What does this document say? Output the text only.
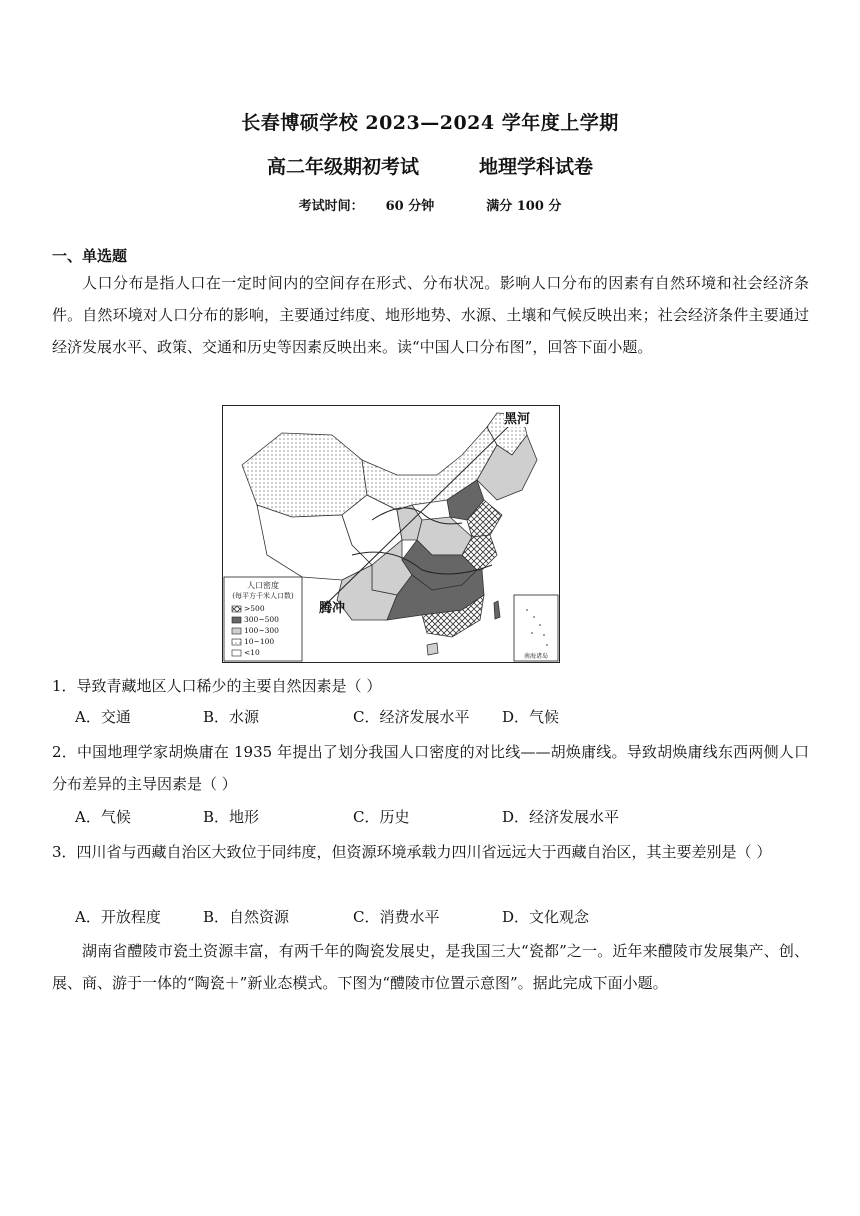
长春博硕学校 2023—2024 学年度上学期
高二年级期初考试	地理学科试卷
考试时间： 60 分钟	满分 100 分
一、单选题
人口分布是指人口在一定时间内的空间存在形式、分布状况。影响人口分布的因素有自然环境和社会经济条件。自然环境对人口分布的影响，主要通过纬度、地形地势、水源、土壤和气候反映出来；社会经济条件主要通过经济发展水平、政策、交通和历史等因素反映出来。读“中国人口分布图”，回答下面小题。
黑河
腾冲
人口密度
(每平方千米人口数)
>500
300~500
100~300
10~100
<10	南海诸岛
1．导致青藏地区人口稀少的主要自然因素是（ ）
A．交通	B．水源	C．经济发展水平 D．气候
2．中国地理学家胡焕庸在 1935 年提出了划分我国人口密度的对比线——胡焕庸线。导致胡焕庸线东西两侧人口分布差异的主导因素是（ ）
A．气候	B．地形	C．历史	D．经济发展水平
3．四川省与西藏自治区大致位于同纬度，但资源环境承载力四川省远远大于西藏自治区，其主要差别是（ ）
A．开放程度	B．自然资源	C．消费水平	D．文化观念
湖南省醴陵市瓷土资源丰富，有两千年的陶瓷发展史，是我国三大“瓷都”之一。近年来醴陵市发展集产、创、展、商、游于一体的“陶瓷＋”新业态模式。下图为“醴陵市位置示意图”。据此完成下面小题。
